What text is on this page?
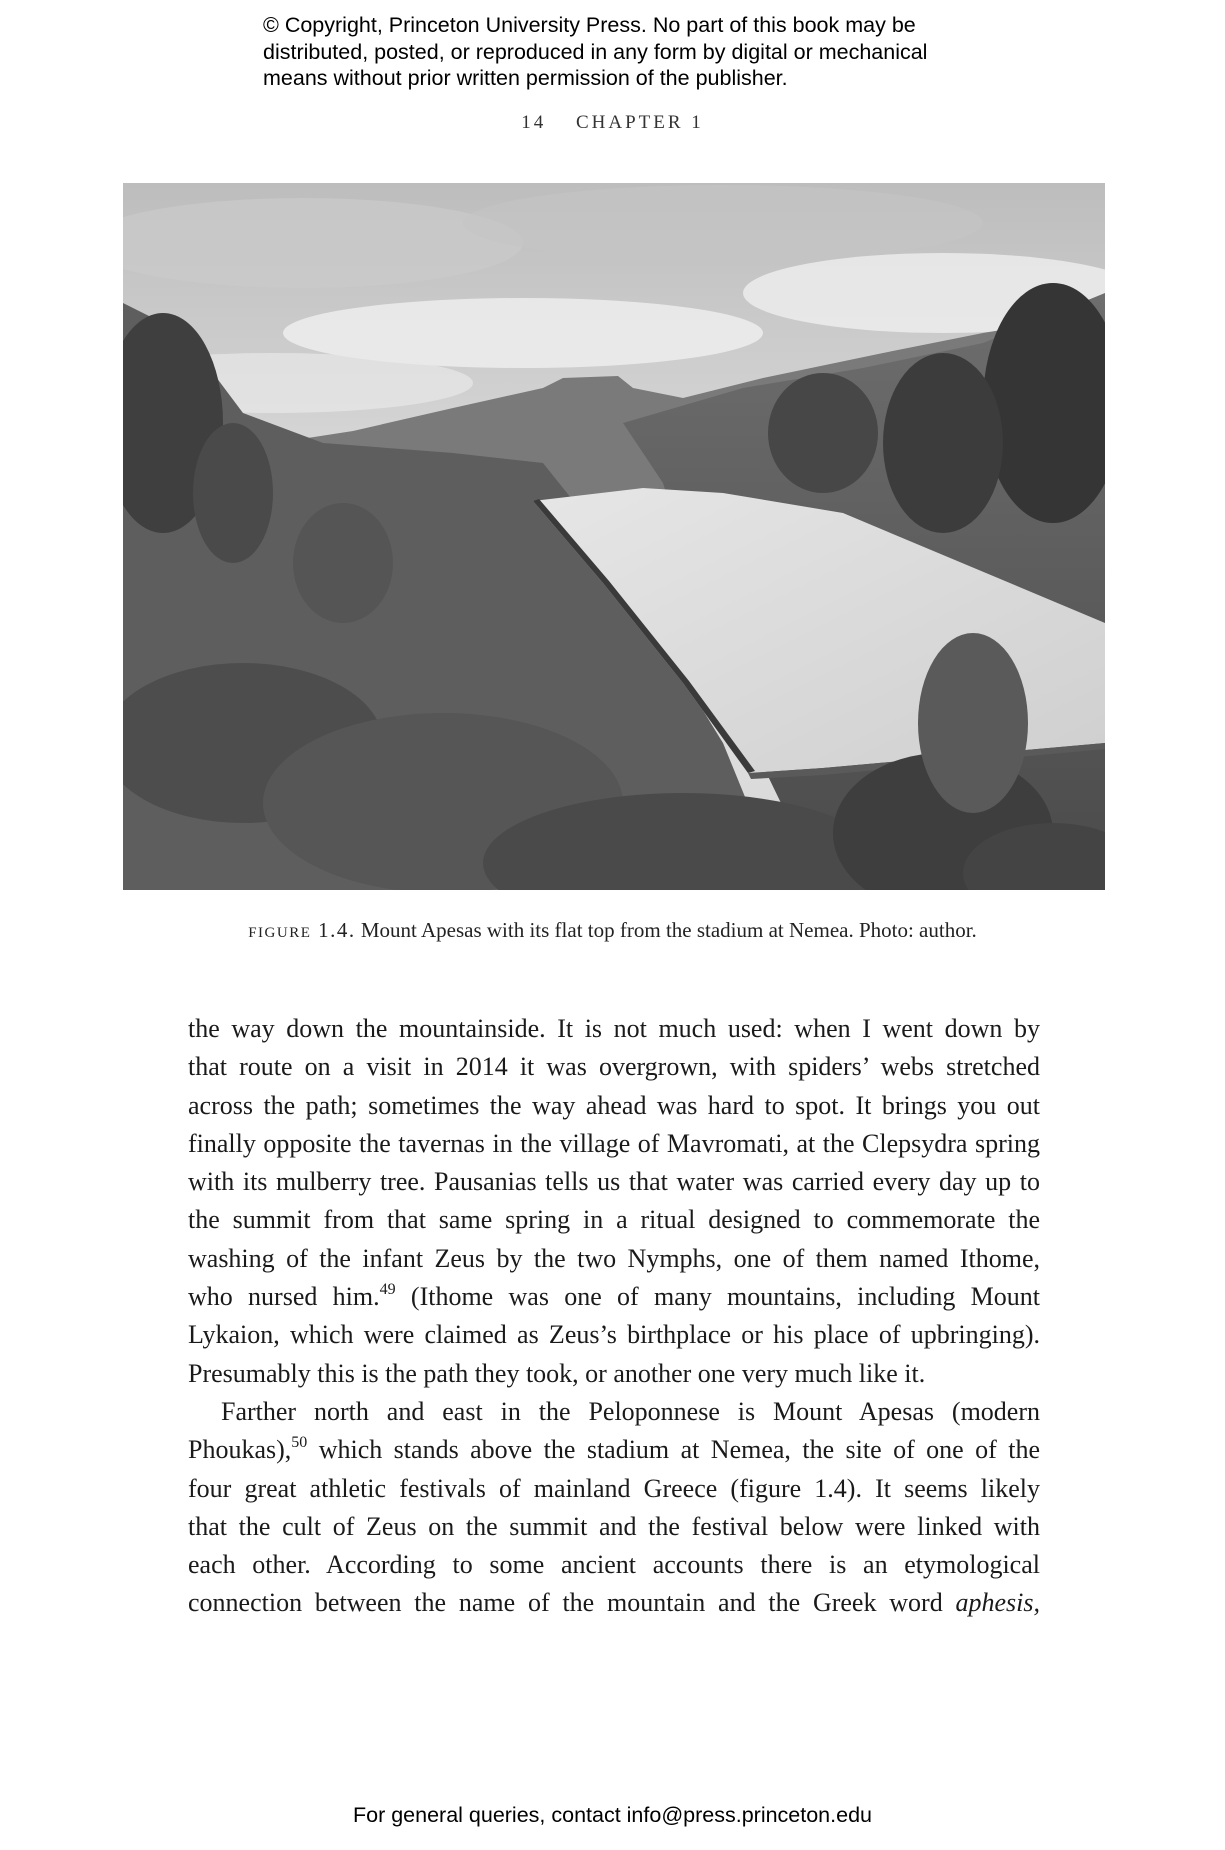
© Copyright, Princeton University Press. No part of this book may be
distributed, posted, or reproduced in any form by digital or mechanical
means without prior written permission of the publisher.
14 CHAPTER 1
figure 1.4. Mount Apesas with its flat top from the stadium at Nemea. Photo: author.

the way down the mountainside. It is not much used: when I went down by
that route on a visit in 2014 it was overgrown, with spiders’ webs stretched
across the path; sometimes the way ahead was hard to spot. It brings you out
finally opposite the tavernas in the village of Mavromati, at the Clepsydra spring
with its mulberry tree. Pausanias tells us that water was carried every day up to
the summit from that same spring in a ritual designed to commemorate the
washing of the infant Zeus by the two Nymphs, one of them named Ithome,
who nursed him.$^{49}$ (Ithome was one of many mountains, including Mount
Lykaion, which were claimed as Zeus’s birthplace or his place of upbringing).
Presumably this is the path they took, or another one very much like it.

Farther north and east in the Peloponnese is Mount Apesas (modern
Phoukas),$^{50}$ which stands above the stadium at Nemea, the site of one of the
four great athletic festivals of mainland Greece (figure 1.4). It seems likely
that the cult of Zeus on the summit and the festival below were linked with
each other. According to some ancient accounts there is an etymological
connection between the name of the mountain and the Greek word aphesis,

For general queries, contact info@press.princeton.edu
